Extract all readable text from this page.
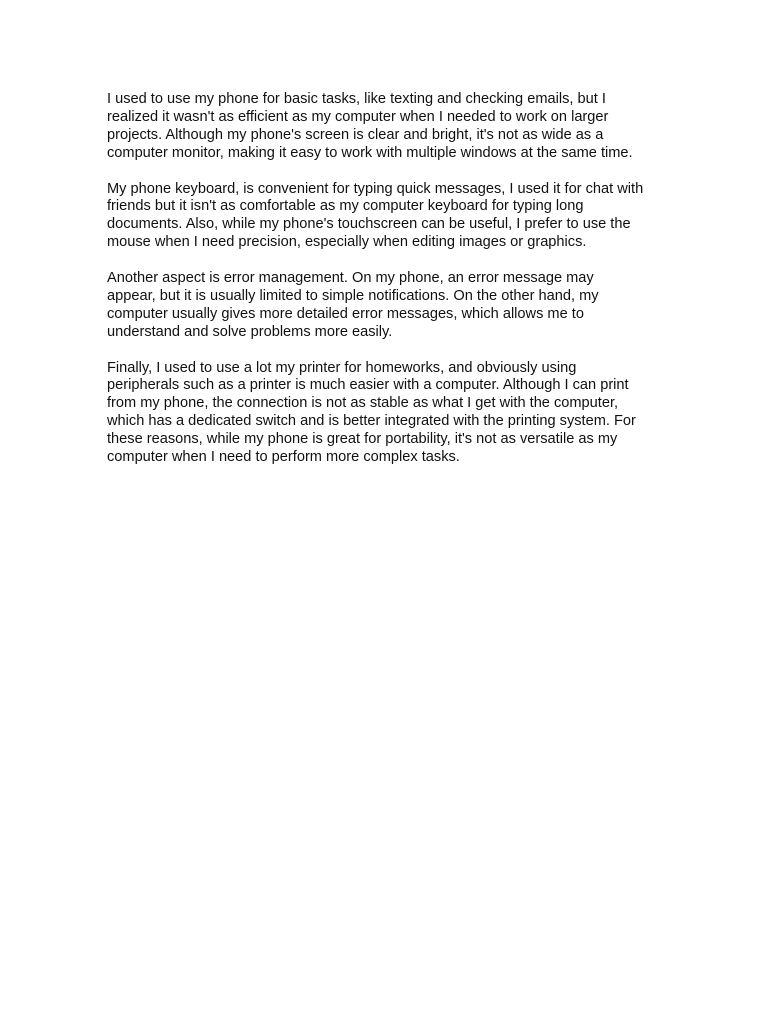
I used to use my phone for basic tasks, like texting and checking emails, but I
realized it wasn't as efficient as my computer when I needed to work on larger
projects. Although my phone's screen is clear and bright, it's not as wide as a
computer monitor, making it easy to work with multiple windows at the same time.

My phone keyboard, is convenient for typing quick messages, I used it for chat with
friends but it isn't as comfortable as my computer keyboard for typing long
documents. Also, while my phone's touchscreen can be useful, I prefer to use the
mouse when I need precision, especially when editing images or graphics.

Another aspect is error management. On my phone, an error message may
appear, but it is usually limited to simple notifications. On the other hand, my
computer usually gives more detailed error messages, which allows me to
understand and solve problems more easily.

Finally, I used to use a lot my printer for homeworks, and obviously using
peripherals such as a printer is much easier with a computer. Although I can print
from my phone, the connection is not as stable as what I get with the computer,
which has a dedicated switch and is better integrated with the printing system. For
these reasons, while my phone is great for portability, it's not as versatile as my
computer when I need to perform more complex tasks.
